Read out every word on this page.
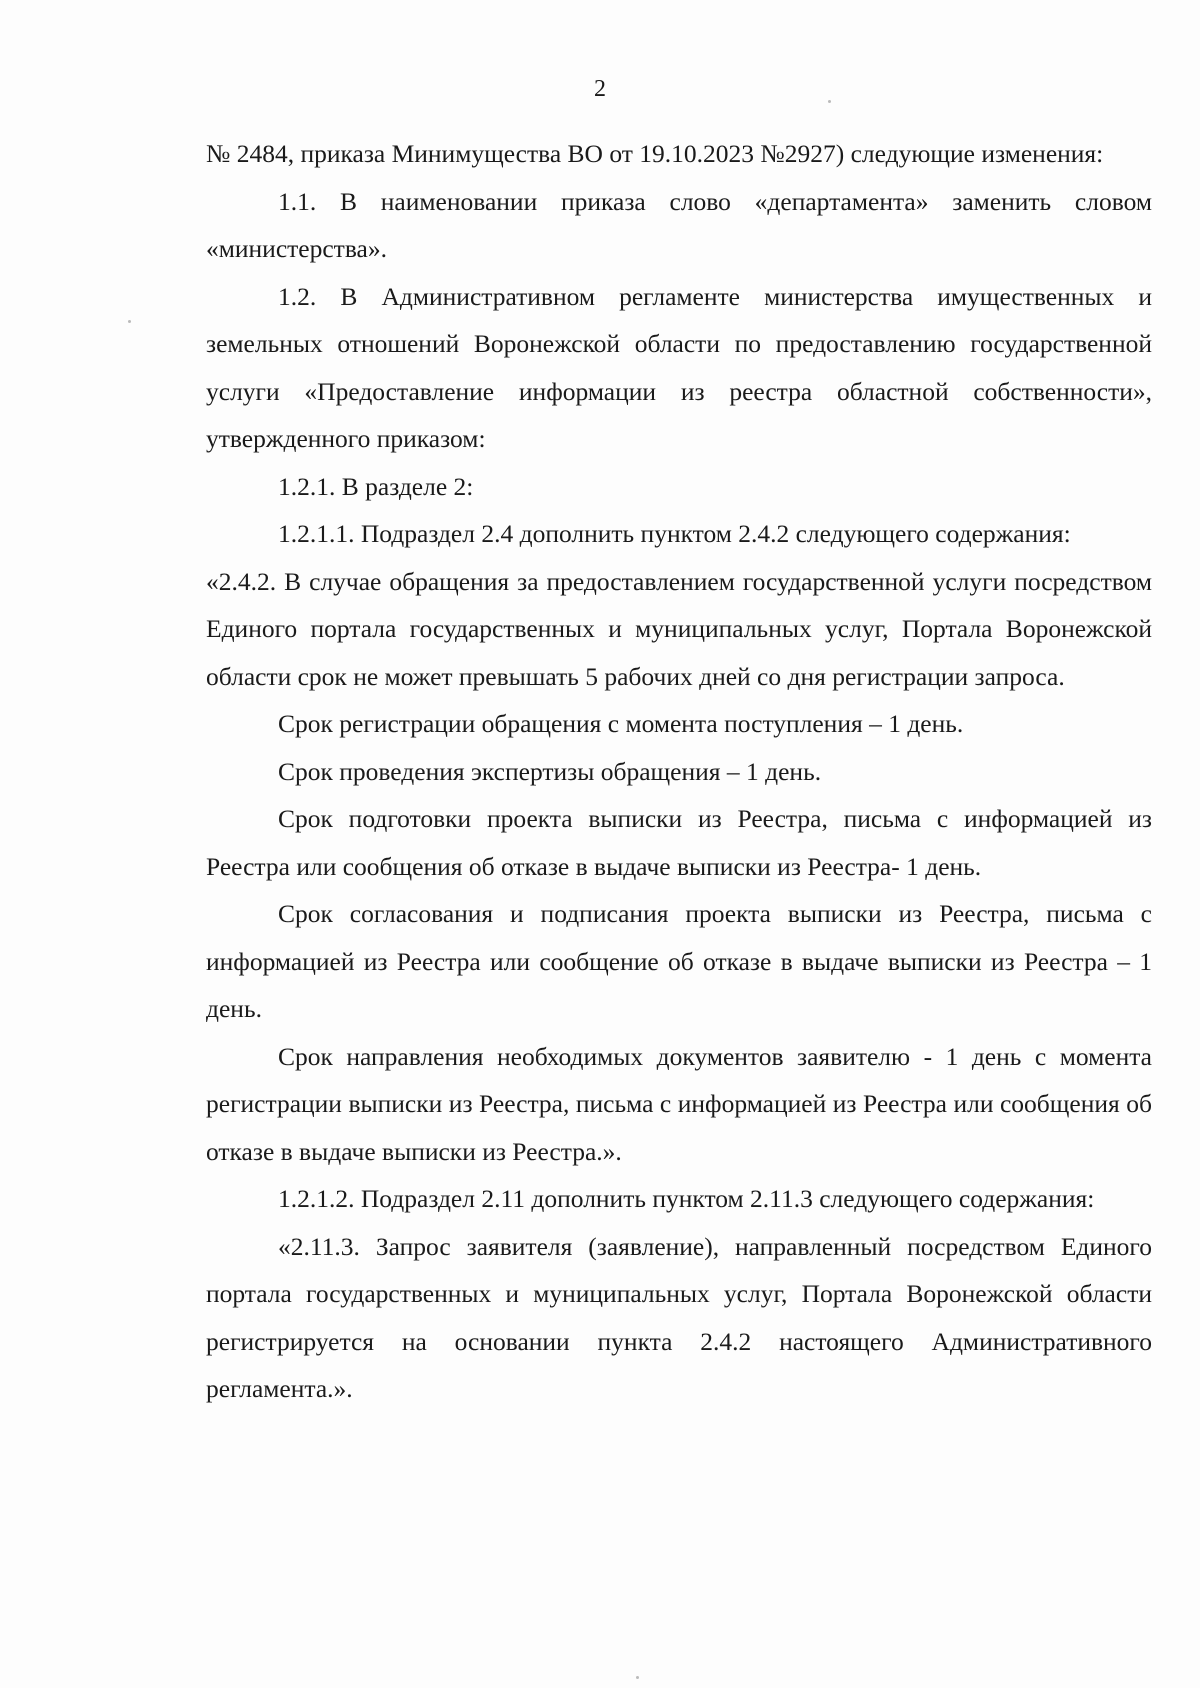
2

№ 2484, приказа Минимущества ВО от 19.10.2023 №2927) следующие изменения:

1.1. В наименовании приказа слово «департамента» заменить словом «министерства».

1.2. В Административном регламенте министерства имущественных и земельных отношений Воронежской области по предоставлению государственной услуги «Предоставление информации из реестра областной собственности», утвержденного приказом:

1.2.1. В разделе 2:

1.2.1.1. Подраздел 2.4 дополнить пунктом 2.4.2 следующего содержания:

«2.4.2. В случае обращения за предоставлением государственной услуги посредством Единого портала государственных и муниципальных услуг, Портала Воронежской области срок не может превышать 5 рабочих дней со дня регистрации запроса.

Срок регистрации обращения с момента поступления – 1 день.

Срок проведения экспертизы обращения – 1 день.

Срок подготовки проекта выписки из Реестра, письма с информацией из Реестра или сообщения об отказе в выдаче выписки из Реестра- 1 день.

Срок согласования и подписания проекта выписки из Реестра, письма с информацией из Реестра или сообщение об отказе в выдаче выписки из Реестра – 1 день.

Срок направления необходимых документов заявителю - 1 день с момента регистрации выписки из Реестра, письма с информацией из Реестра или сообщения об отказе в выдаче выписки из Реестра.».

1.2.1.2. Подраздел 2.11 дополнить пунктом 2.11.3 следующего содержания:

«2.11.3. Запрос заявителя (заявление), направленный посредством Единого портала государственных и муниципальных услуг, Портала Воронежской области регистрируется на основании пункта 2.4.2 настоящего Административного регламента.».
